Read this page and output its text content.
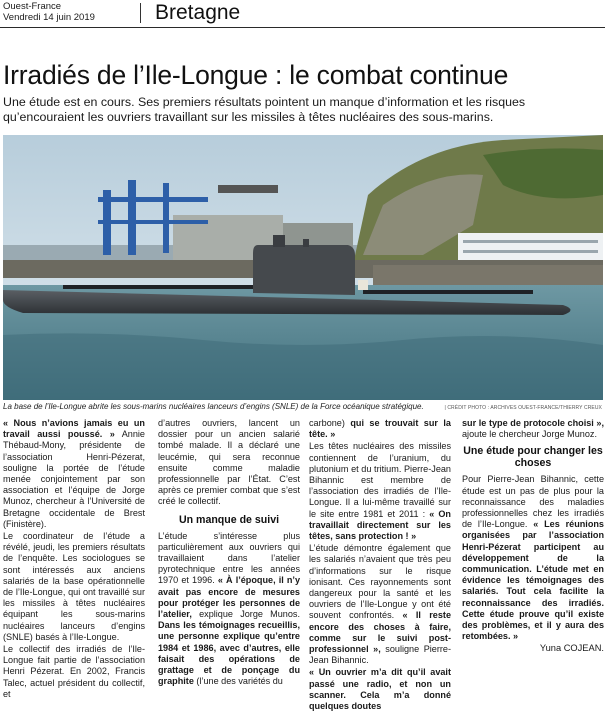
Ouest-France
Vendredi 14 juin 2019	Bretagne
Irradiés de l’Ile-Longue : le combat continue

Une étude est en cours. Ses premiers résultats pointent un manque d’information et les risques qu’encouraient les ouvriers travaillant sur les missiles à têtes nucléaires des sous-marins.

La base de l’Ile-Longue abrite les sous-marins nucléaires lanceurs d’engins (SNLE) de la Force océanique stratégique.	| CRÉDIT PHOTO : ARCHIVES OUEST-FRANCE/THIERRY CREUX

« Nous n’avions jamais eu un travail aussi poussé. » Annie Thébaud-Mony, présidente de l’association Henri-Pézerat, souligne la portée de l’étude menée conjointement par son association et l’équipe de Jorge Munoz, chercheur à l’Université de Bretagne occidentale de Brest (Finistère).

Le coordinateur de l’étude a révélé, jeudi, les premiers résultats de l’enquête. Les sociologues se sont intéressés aux anciens salariés de la base opérationnelle de l’Ile-Longue, qui ont travaillé sur les missiles à têtes nucléaires équipant les sous-marins nucléaires lanceurs d’engins (SNLE) basés à l’Ile-Longue.

Le collectif des irradiés de l’Ile-Longue fait partie de l’association Henri Pézerat. En 2002, Francis Talec, actuel président du collectif, et

d’autres ouvriers, lancent un dossier pour un ancien salarié tombé malade. Il a déclaré une leucémie, qui sera reconnue ensuite comme maladie professionnelle par l’État. C’est après ce premier combat que s’est créé le collectif.

Un manque de suivi

L’étude s’intéresse plus particulièrement aux ouvriers qui travaillaient dans l’atelier pyrotechnique entre les années 1970 et 1996. « À l’époque, il n’y avait pas encore de mesures pour protéger les personnes de l’atelier, explique Jorge Munos. Dans les témoignages recueillis, une personne explique qu’entre 1984 et 1986, avec d’autres, elle faisait des opérations de grattage et de ponçage du graphite (l’une des variétés du

carbone) qui se trouvait sur la tête. »

Les têtes nucléaires des missiles contiennent de l’uranium, du plutonium et du tritium. Pierre-Jean Bihannic est membre de l’association des irradiés de l’Ile-Longue. Il a lui-même travaillé sur le site entre 1981 et 2011 : « On travaillait directement sur les têtes, sans protection ! »

L’étude démontre également que les salariés n’avaient que très peu d’informations sur le risque ionisant. Ces rayonnements sont dangereux pour la santé et les ouvriers de l’Ile-Longue y ont été souvent confrontés. « Il reste encore des choses à faire, comme sur le suivi post-professionnel », souligne Pierre-Jean Bihannic.

« Un ouvrier m’a dit qu’il avait passé une radio, et non un scanner. Cela m’a donné quelques doutes

sur le type de protocole choisi », ajoute le chercheur Jorge Munoz.

Une étude pour changer les choses

Pour Pierre-Jean Bihannic, cette étude est un pas de plus pour la reconnaissance des maladies professionnelles chez les irradiés de l’Ile-Longue. « Les réunions organisées par l’association Henri-Pézerat participent au développement de la communication. L’étude met en évidence les témoignages des salariés. Tout cela facilite la reconnaissance des irradiés. Cette étude prouve qu’il existe des problèmes, et il y aura des retombées. »

Yuna COJEAN.
